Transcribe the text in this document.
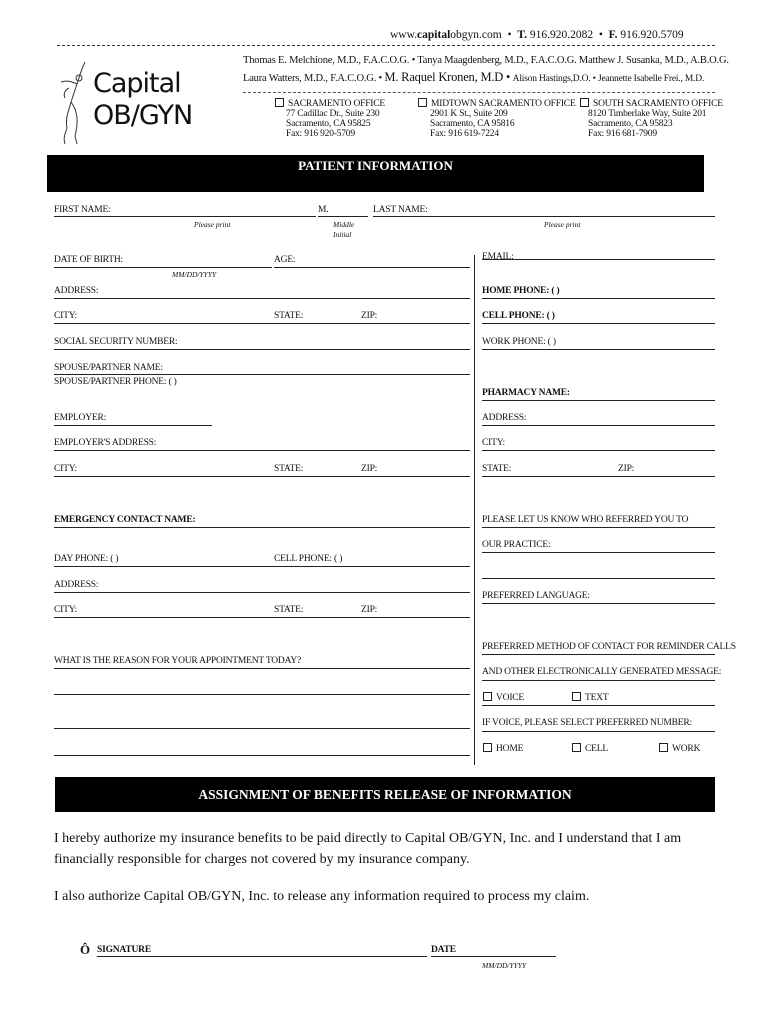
www.capitalobgyn.com  •  T. 916.920.2082  •  F. 916.920.5709
Capital
OB/GYN
Thomas E. Melchione, M.D., F.A.C.O.G. • Tanya Maagdenberg, M.D., F.A.C.O.G. Matthew J. Susanka, M.D., A.B.O.G.
Laura Watters, M.D., F.A.C.O.G. • M. Raquel Kronen, M.D • Alison Hastings,D.O. • Jeannette Isabelle Frei., M.D.
SACRAMENTO OFFICE
77 Cadillac Dr., Suite 230
Sacramento, CA 95825
Fax: 916 920-5709
MIDTOWN SACRAMENTO OFFICE
2901 K St., Suite 209
Sacramento, CA 95816
Fax: 916 619-7224
SOUTH SACRAMENTO OFFICE
8120 Timberlake Way, Suite 201
Sacramento, CA 95823
Fax: 916 681-7909
PATIENT INFORMATION
FIRST NAME:
Please print
M.
Middle
Initial
LAST NAME:
Please print
DATE OF BIRTH:
MM/DD/YYYY
AGE:	EMAIL:
ADDRESS:	HOME PHONE: ( )
CITY:	STATE:	ZIP:	CELL PHONE: ( )
SOCIAL SECURITY NUMBER:	WORK PHONE: ( )
SPOUSE/PARTNER NAME:
SPOUSE/PARTNER PHONE: ( )
PHARMACY NAME:
EMPLOYER:	ADDRESS:
EMPLOYER'S ADDRESS:	CITY:
CITY:	STATE:	ZIP:	STATE:	ZIP:
EMERGENCY CONTACT NAME:	PLEASE LET US KNOW WHO REFERRED YOU TO
OUR PRACTICE:
DAY PHONE: ( )	CELL PHONE: ( )
ADDRESS:
PREFERRED LANGUAGE:
CITY:	STATE:	ZIP:
PREFERRED METHOD OF CONTACT FOR REMINDER CALLS
AND OTHER ELECTRONICALLY GENERATED MESSAGE:
WHAT IS THE REASON FOR YOUR APPOINTMENT TODAY?
VOICE	TEXT
IF VOICE, PLEASE SELECT PREFERRED NUMBER:
HOME	CELL	WORK
ASSIGNMENT OF BENEFITS RELEASE OF INFORMATION
I hereby authorize my insurance benefits to be paid directly to Capital OB/GYN, Inc. and I understand that I am financially responsible for charges not covered by my insurance company.
I also authorize Capital OB/GYN, Inc. to release any information required to process my claim.
Ô SIGNATURE	DATE
MM/DD/YYYY
